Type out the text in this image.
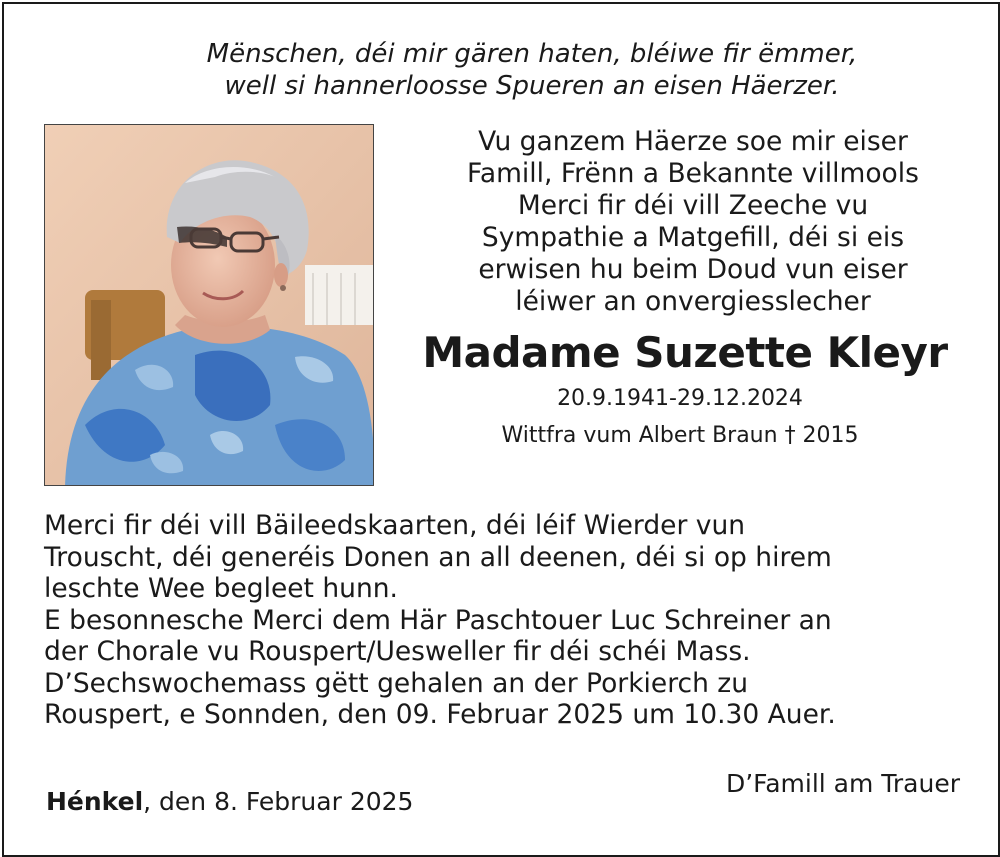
Mënschen, déi mir gären haten, bléiwe fir ëmmer,
well si hannerloosse Spueren an eisen Häerzer.

Vu ganzem Häerze soe mir eiser

Famill, Frënn a Bekannte villmools

Merci fir déi vill Zeeche vu

Sympathie a Matgefill, déi si eis

erwisen hu beim Doud vun eiser

léiwer an onvergiesslecher

Madame Suzette Kleyr
20.9.1941-29.12.2024
Wittfra vum Albert Braun † 2015

Merci fir déi vill Bäileedskaarten, déi léif Wierder vun

Trouscht, déi generéis Donen an all deenen, déi si op hirem

leschte Wee begleet hunn.

E besonnesche Merci dem Här Paschtouer Luc Schreiner an

der Chorale vu Rouspert/Uesweller fir déi schéi Mass.

D’Sechswochemass gëtt gehalen an der Porkierch zu

Rouspert, e Sonnden, den 09. Februar 2025 um 10.30 Auer.

Hénkel, den 8. Februar 2025
D’Famill am Trauer
